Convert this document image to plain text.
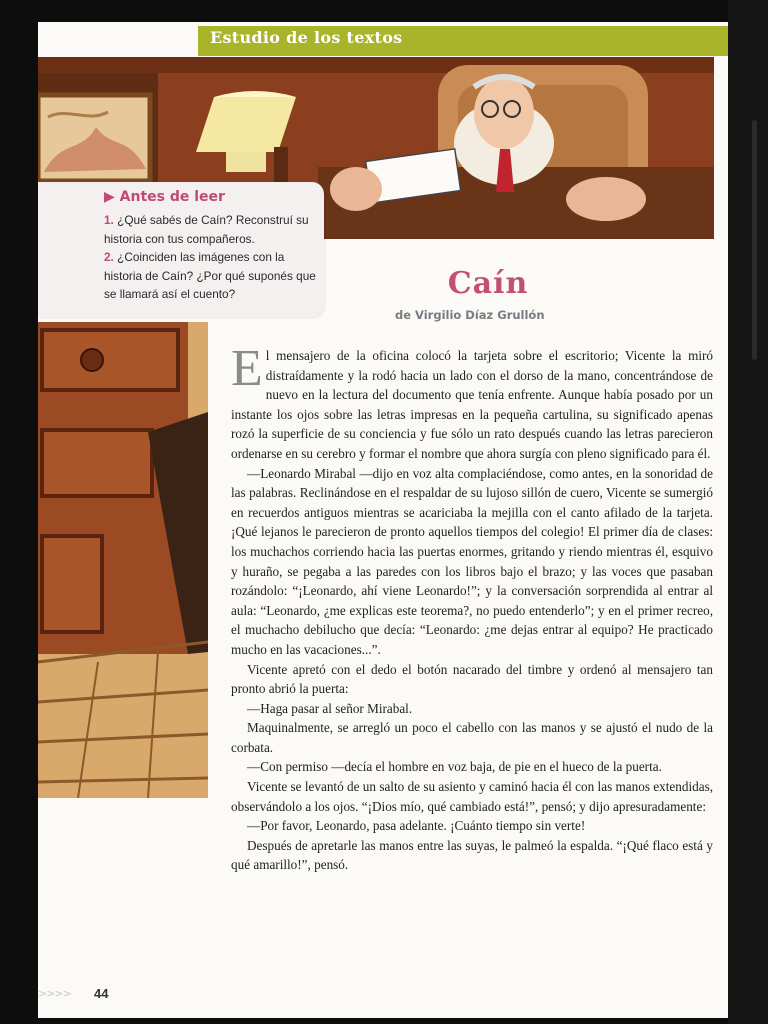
Estudio de los textos
▶ Antes de leer
1. ¿Qué sabés de Caín? Reconstruí su historia con tus compañeros.
2. ¿Coinciden las imágenes con la historia de Caín? ¿Por qué suponés que se llamará así el cuento?	Caín
de Virgilio Díaz Grullón

El mensajero de la oficina colocó la tarjeta sobre el escritorio; Vicente la miró distraídamente y la rodó hacia un lado con el dorso de la mano, concentrándose de nuevo en la lectura del documento que tenía enfrente. Aunque había posado por un instante los ojos sobre las letras impresas en la pequeña cartulina, su significado apenas rozó la superficie de su conciencia y fue sólo un rato después cuando las letras parecieron ordenarse en su cerebro y formar el nombre que ahora surgía con pleno significado para él.

—Leonardo Mirabal —dijo en voz alta complaciéndose, como antes, en la sonoridad de las palabras. Reclinándose en el respaldar de su lujoso sillón de cuero, Vicente se sumergió en recuerdos antiguos mientras se acariciaba la mejilla con el canto afilado de la tarjeta. ¡Qué lejanos le parecieron de pronto aquellos tiempos del colegio! El primer día de clases: los muchachos corriendo hacia las puertas enormes, gritando y riendo mientras él, esquivo y huraño, se pegaba a las paredes con los libros bajo el brazo; y las voces que pasaban rozándolo: “¡Leonardo, ahí viene Leonardo!”; y la conversación sorprendida al entrar al aula: “Leonardo, ¿me explicas este teorema?, no puedo entenderlo”; y en el primer recreo, el muchacho debilucho que decía: “Leonardo: ¿me dejas entrar al equipo? He practicado mucho en las vacaciones...”.

Vicente apretó con el dedo el botón nacarado del timbre y ordenó al mensajero tan pronto abrió la puerta:

—Haga pasar al señor Mirabal.

Maquinalmente, se arregló un poco el cabello con las manos y se ajustó el nudo de la corbata.

—Con permiso —decía el hombre en voz baja, de pie en el hueco de la puerta.

Vicente se levantó de un salto de su asiento y caminó hacia él con las manos extendidas, observándolo a los ojos. “¡Dios mío, qué cambiado está!”, pensó; y dijo apresuradamente:

—Por favor, Leonardo, pasa adelante. ¡Cuánto tiempo sin verte!

Después de apretarle las manos entre las suyas, le palmeó la espalda. “¡Qué flaco está y qué amarillo!”, pensó.

>>>> 44
